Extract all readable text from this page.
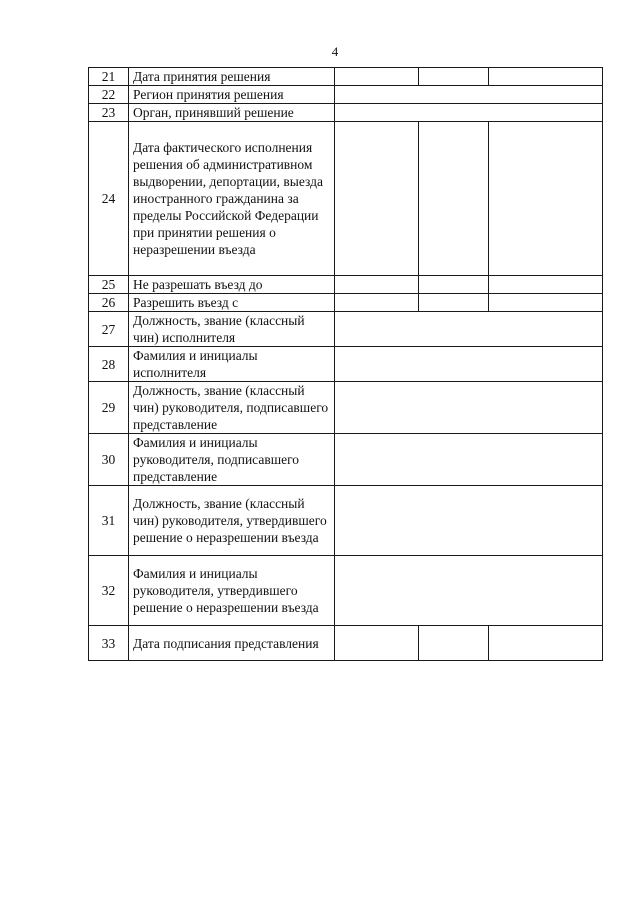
4
21	Дата принятия решения			
22	Регион принятия решения			
23	Орган, принявший решение			
24	Дата фактического исполнения решения об административном выдворении, депортации, выезда иностранного гражданина за пределы Российской Федерации при принятии решения о неразрешении въезда			
25	Не разрешать въезд до			
26	Разрешить въезд с			
27	Должность, звание (классный чин) исполнителя			
28	Фамилия и инициалы исполнителя			
29	Должность, звание (классный чин) руководителя, подписавшего представление			
30	Фамилия и инициалы руководителя, подписавшего представление			
31	Должность, звание (классный чин) руководителя, утвердившего решение о неразрешении въезда			
32	Фамилия и инициалы руководителя, утвердившего решение о неразрешении въезда			
33	Дата подписания представления			
